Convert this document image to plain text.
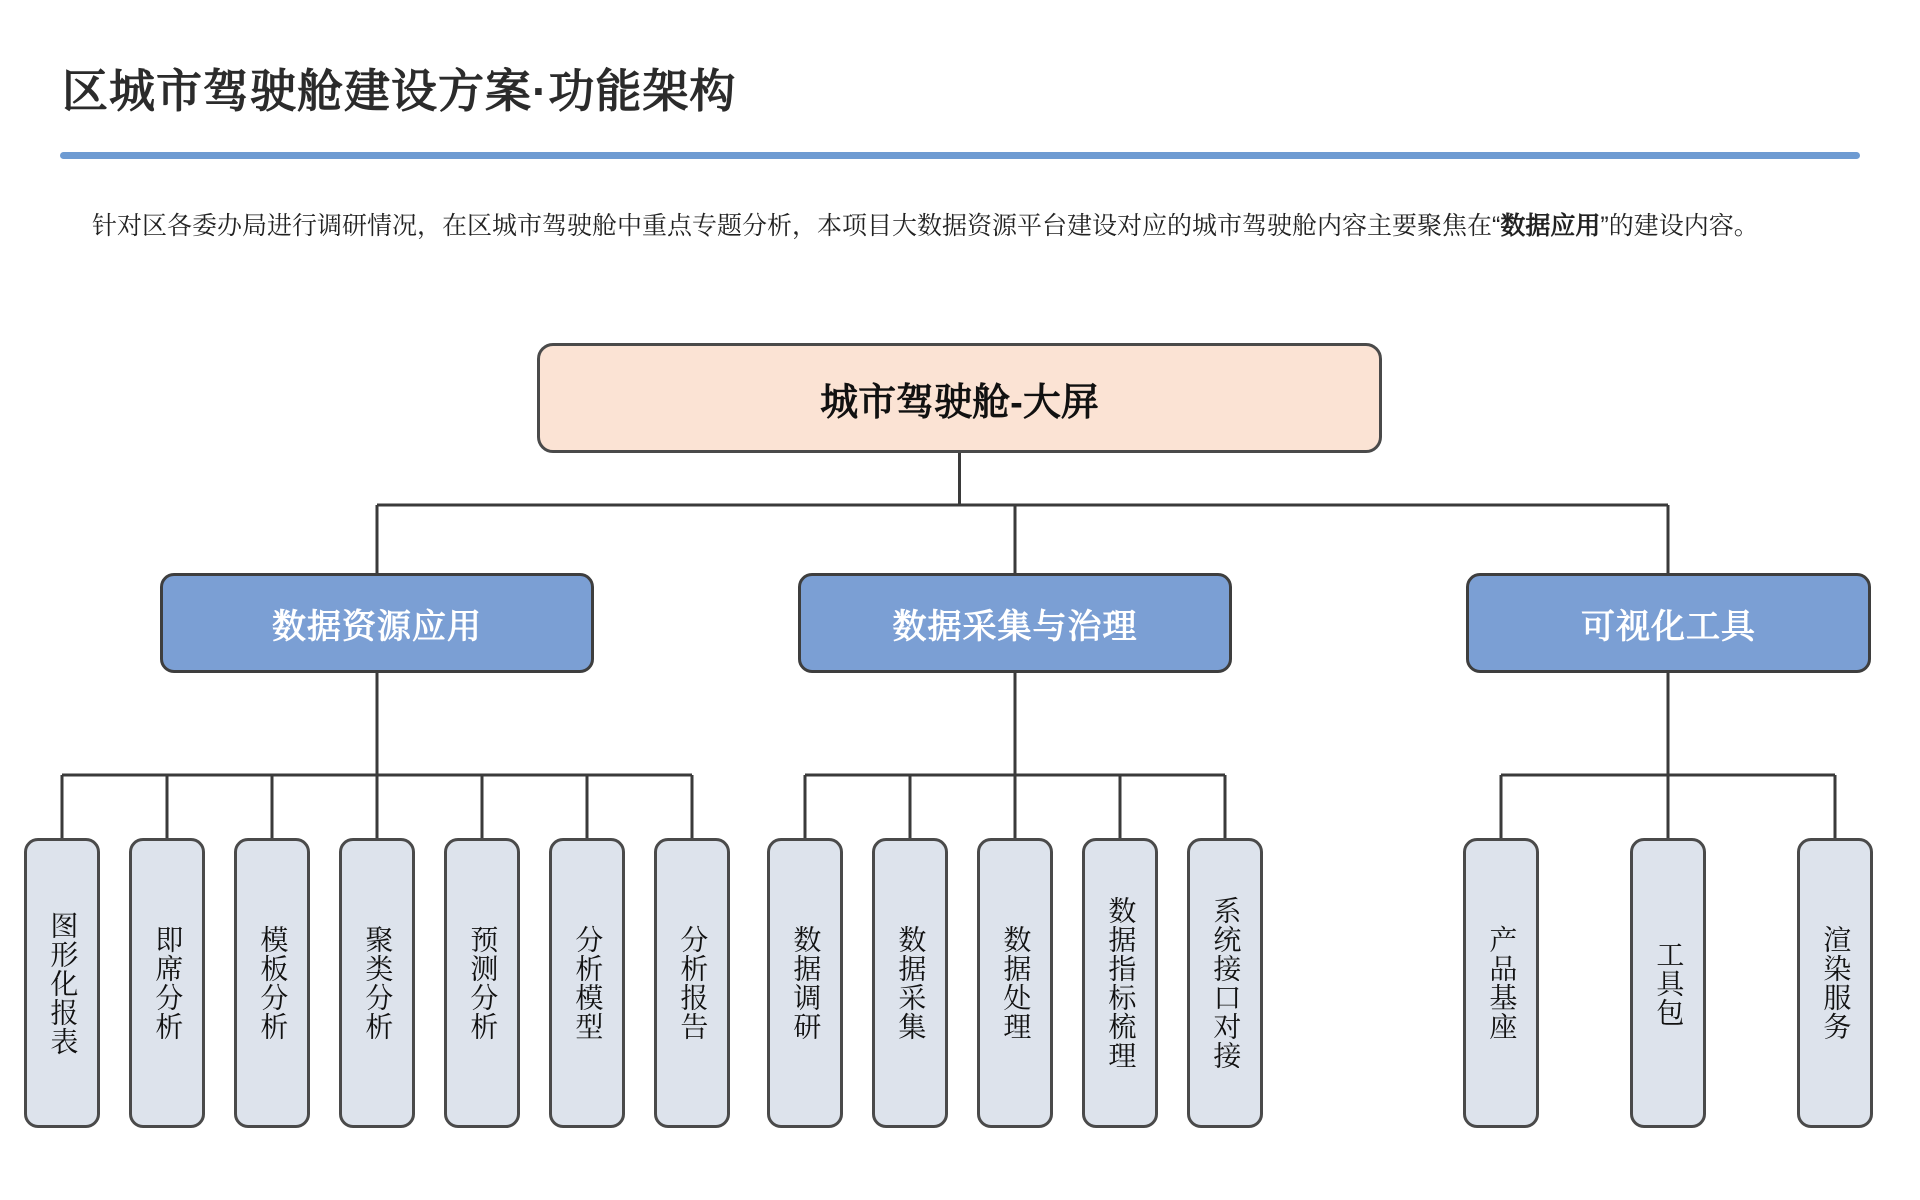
区城市驾驶舱建设方案·功能架构
针对区各委办局进行调研情况，在区城市驾驶舱中重点专题分析，本项目大数据资源平台建设对应的城市驾驶舱内容主要聚焦在“数据应用”的建设内容。
城市驾驶舱-大屏
数据资源应用	数据采集与治理	可视化工具
图形化报表	即席分析	模板分析	聚类分析	预测分析	分析模型	分析报告	数据调研	数据采集	数据处理	数据指标梳理	系统接口对接	产品基座	工具包	渲染服务
